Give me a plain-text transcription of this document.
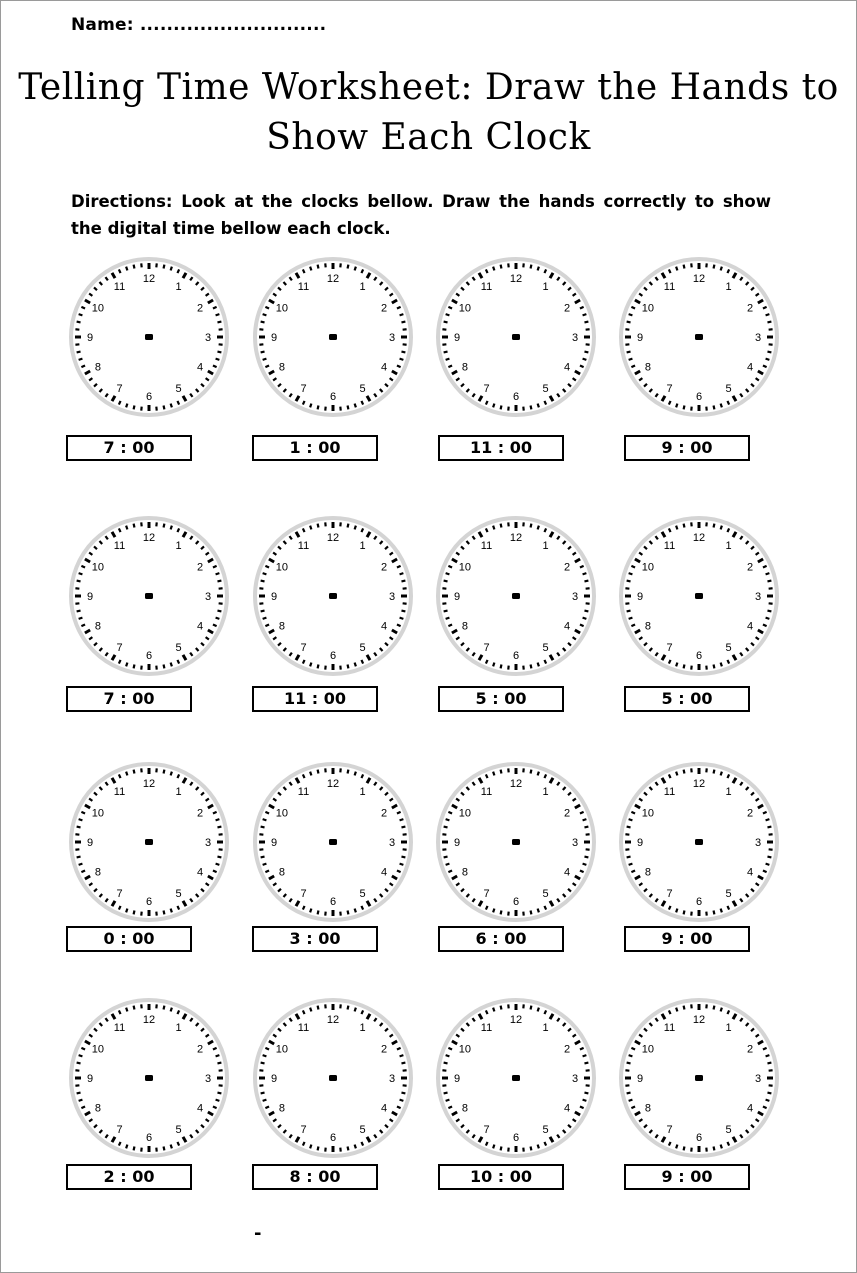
Name: ............................
Telling Time Worksheet: Draw the Hands to
Show Each Clock
Directions: Look at the clocks bellow. Draw the hands correctly to show the digital time bellow each clock.
12
1
2
3
4
5
6
7
8
9
10
11
7 : 00
12
1
2
3
4
5
6
7
8
9
10
11
1 : 00
12
1
2
3
4
5
6
7
8
9
10
11
11 : 00
12
1
2
3
4
5
6
7
8
9
10
11
9 : 00
12
1
2
3
4
5
6
7
8
9
10
11
7 : 00
12
1
2
3
4
5
6
7
8
9
10
11
11 : 00
12
1
2
3
4
5
6
7
8
9
10
11
5 : 00
12
1
2
3
4
5
6
7
8
9
10
11
5 : 00
12
1
2
3
4
5
6
7
8
9
10
11
0 : 00
12
1
2
3
4
5
6
7
8
9
10
11
3 : 00
12
1
2
3
4
5
6
7
8
9
10
11
6 : 00
12
1
2
3
4
5
6
7
8
9
10
11
9 : 00
12
1
2
3
4
5
6
7
8
9
10
11
2 : 00
12
1
2
3
4
5
6
7
8
9
10
11
8 : 00
12
1
2
3
4
5
6
7
8
9
10
11
10 : 00
12
1
2
3
4
5
6
7
8
9
10
11
9 : 00
-
